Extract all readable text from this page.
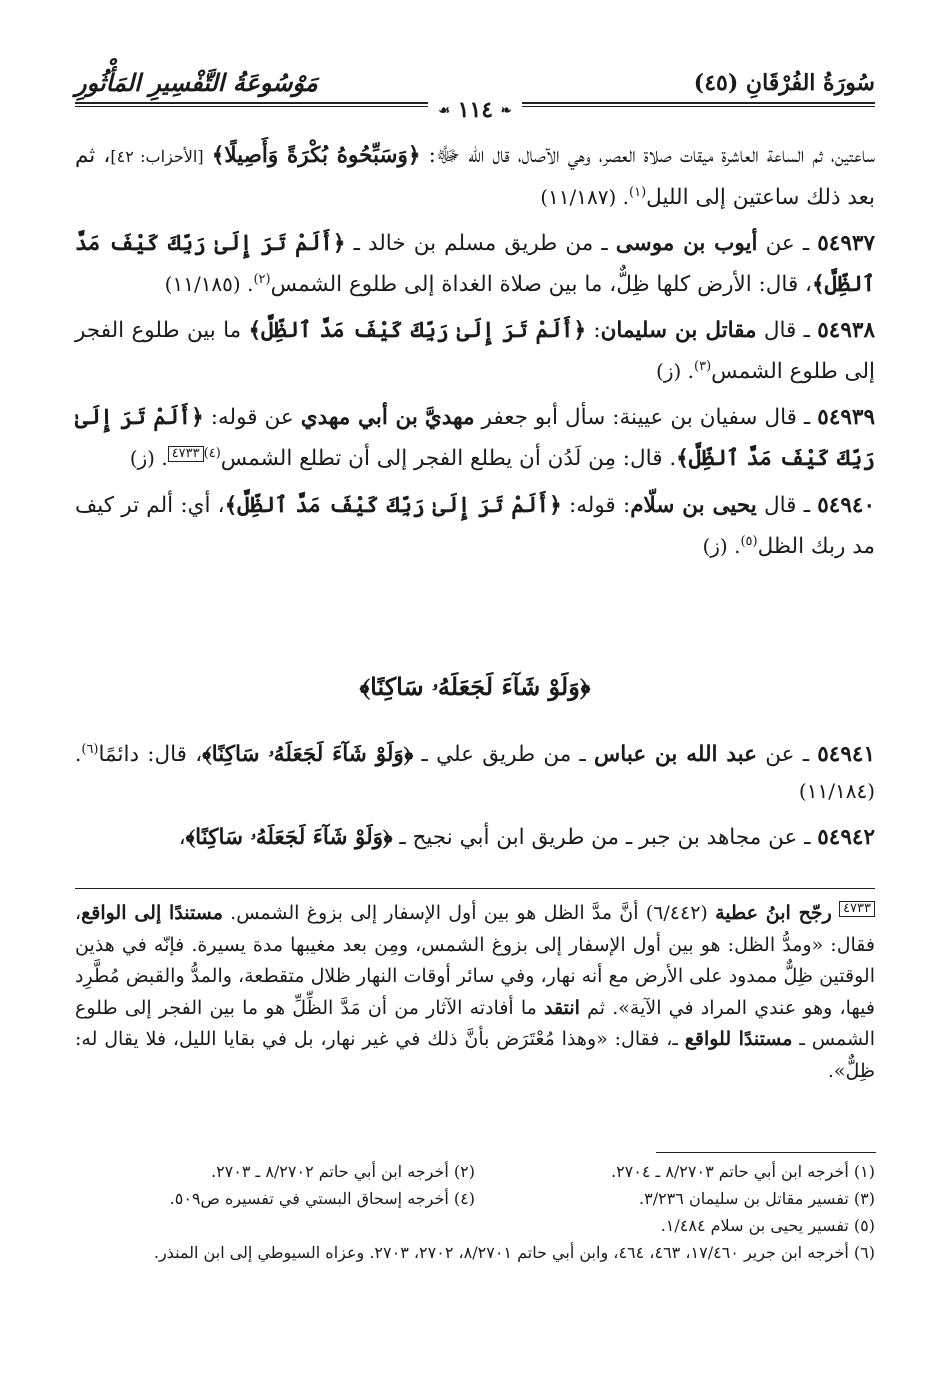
سُورَةُ الفُرْقَانِ (٤٥)
مَوْسُوعَةُ التَّفْسِيرِ المَأْثُورِ
❧ ١١٤ ☙

ساعتين، ثم الساعة العاشرة ميقات صلاة العصر، وهي الآصال، قال الله ﷻ: ﴿وَسَبِّحُوهُ بُكْرَةً وَأَصِيلًا﴾ [الأحزاب: ٤٢]، ثم بعد ذلك ساعتين إلى الليل$^{(١)}$. (١١/١٨٧)

٥٤٩٣٧ ـ عن أيوب بن موسى ـ من طريق مسلم بن خالد ـ ﴿أَلَمْ تَرَ إِلَىٰ رَبِّكَ كَيْفَ مَدَّ ٱلظِّلَّ﴾، قال: الأرض كلها ظِلٌّ، ما بين صلاة الغداة إلى طلوع الشمس$^{(٢)}$. (١١/١٨٥)

٥٤٩٣٨ ـ قال مقاتل بن سليمان: ﴿أَلَمْ تَرَ إِلَىٰ رَبِّكَ كَيْفَ مَدَّ ٱلظِّلَّ﴾ ما بين طلوع الفجر إلى طلوع الشمس$^{(٣)}$. (ز)

٥٤٩٣٩ ـ قال سفيان بن عيينة: سأل أبو جعفر مهديَّ بن أبي مهدي عن قوله: ﴿أَلَمْ تَرَ إِلَىٰ رَبِّكَ كَيْفَ مَدَّ ٱلظِّلَّ﴾. قال: مِن لَدُن أن يطلع الفجر إلى أن تطلع الشمس$^{(٤)}$٤٧٣٣. (ز)

٥٤٩٤٠ ـ قال يحيى بن سلّام: قوله: ﴿أَلَمْ تَرَ إِلَىٰ رَبِّكَ كَيْفَ مَدَّ ٱلظِّلَّ﴾، أي: ألم تر كيف مد ربك الظل$^{(٥)}$. (ز)

﴿وَلَوْ شَآءَ لَجَعَلَهُۥ سَاكِنًا﴾

٥٤٩٤١ ـ عن عبد الله بن عباس ـ من طريق علي ـ ﴿وَلَوْ شَآءَ لَجَعَلَهُۥ سَاكِنًا﴾، قال: دائمًا$^{(٦)}$. (١١/١٨٤)

٥٤٩٤٢ ـ عن مجاهد بن جبر ـ من طريق ابن أبي نجيح ـ ﴿وَلَوْ شَآءَ لَجَعَلَهُۥ سَاكِنًا﴾،

٤٧٣٣ رجّح ابنُ عطية (٦/٤٤٢) أنَّ مدَّ الظل هو بين أول الإسفار إلى بزوغ الشمس. مستندًا إلى الواقع، فقال: «ومدُّ الظل: هو بين أول الإسفار إلى بزوغ الشمس، ومِن بعد مغيبها مدة يسيرة. فإنّه في هذين الوقتين ظِلٌّ ممدود على الأرض مع أنه نهار، وفي سائر أوقات النهار ظلال متقطعة، والمدُّ والقبض مُطَّرِد فيها، وهو عندي المراد في الآية». ثم انتقد ما أفادته الآثار من أن مَدَّ الظِّلِّ هو ما بين الفجر إلى طلوع الشمس ـ مستندًا للواقع ـ، فقال: «وهذا مُعْتَرَض بأنَّ ذلك في غير نهار، بل في بقايا الليل، فلا يقال له: ظِلٌّ».
(١) أخرجه ابن أبي حاتم ٨/٢٧٠٣ ـ ٢٧٠٤.
(٢) أخرجه ابن أبي حاتم ٨/٢٧٠٢ ـ ٢٧٠٣.
(٣) تفسير مقاتل بن سليمان ٣/٢٣٦.
(٤) أخرجه إسحاق البستي في تفسيره ص٥٠٩.
(٥) تفسير يحيى بن سلام ١/٤٨٤.
(٦) أخرجه ابن جرير ١٧/٤٦٠، ٤٦٣، ٤٦٤، وابن أبي حاتم ٨/٢٧٠١، ٢٧٠٢، ٢٧٠٣. وعزاه السيوطي إلى ابن المنذر.
